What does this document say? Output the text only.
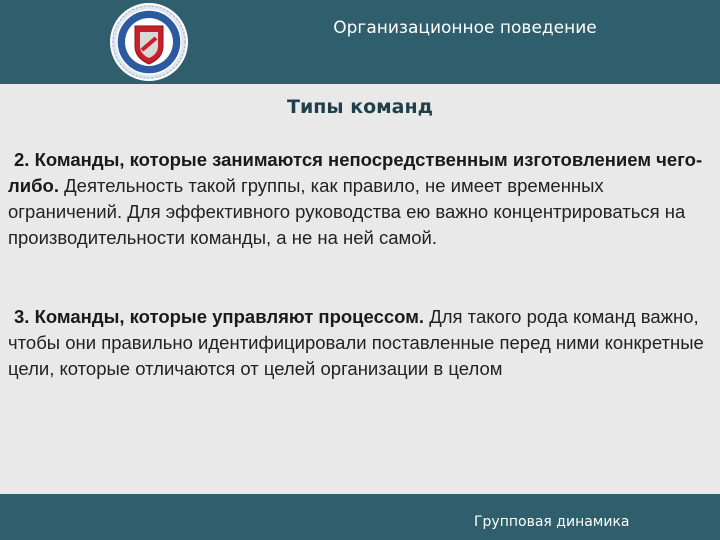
Организационное поведение
Типы команд
2. Команды, которые занимаются непосредственным изготовлением чего-либо. Деятельность такой группы, как правило, не имеет временных ограничений. Для эффективного руководства ею важно концентрироваться на производительности команды, а не на ней самой.
3. Команды, которые управляют процессом. Для такого рода команд важно, чтобы они правильно идентифицировали поставленные перед ними конкретные цели, которые отличаются от целей организации в целом
Групповая динамика
